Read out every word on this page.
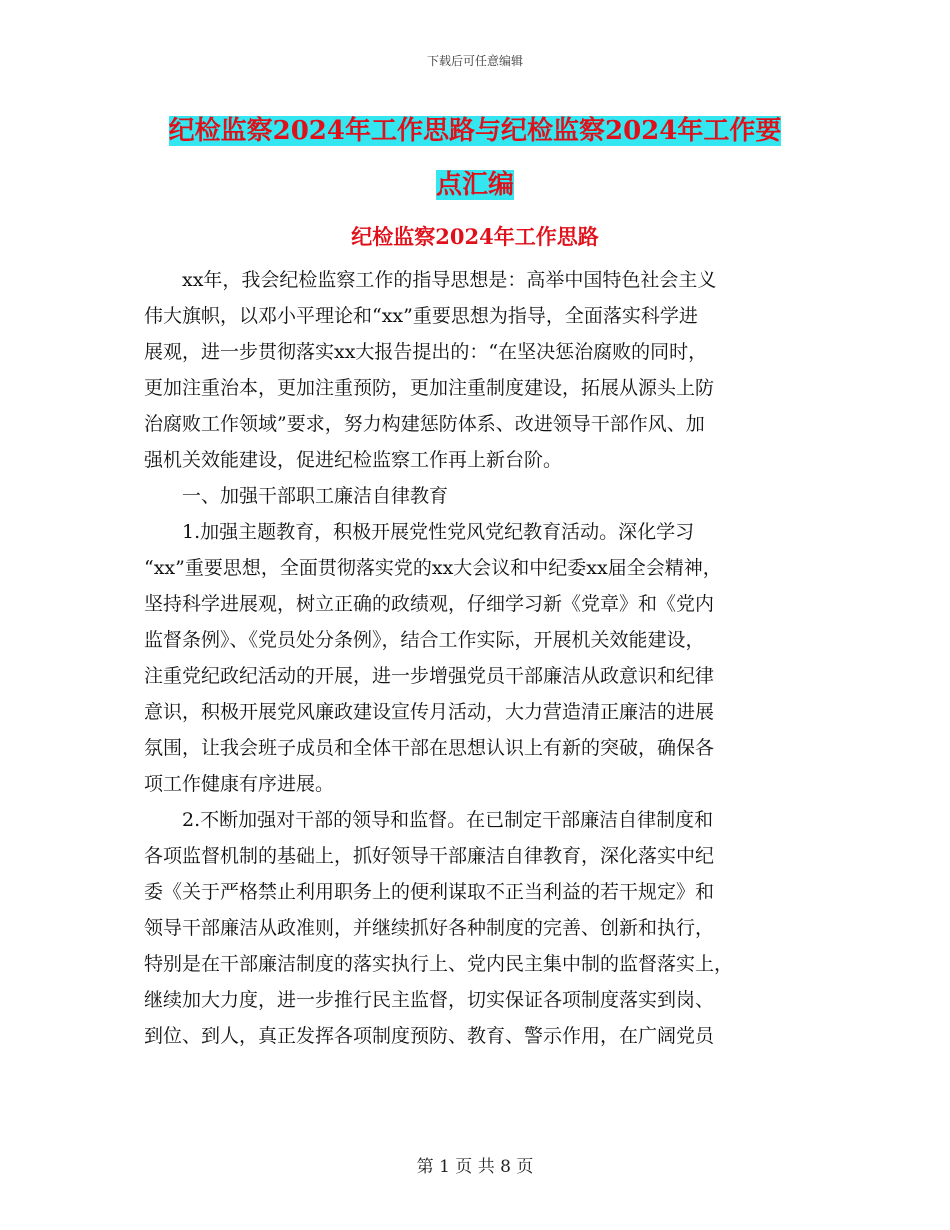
下载后可任意编辑
纪检监察2024年工作思路与纪检监察2024年工作要
点汇编
纪检监察2024年工作思路
xx年，我会纪检监察工作的指导思想是：高举中国特色社会主义
伟大旗帜，以邓小平理论和“xx”重要思想为指导，全面落实科学进
展观，进一步贯彻落实xx大报告提出的：“在坚决惩治腐败的同时，
更加注重治本，更加注重预防，更加注重制度建设，拓展从源头上防
治腐败工作领域”要求，努力构建惩防体系、改进领导干部作风、加
强机关效能建设，促进纪检监察工作再上新台阶。
一、加强干部职工廉洁自律教育
1.加强主题教育，积极开展党性党风党纪教育活动。深化学习
“xx”重要思想，全面贯彻落实党的xx大会议和中纪委xx届全会精神，
坚持科学进展观，树立正确的政绩观，仔细学习新《党章》和《党内
监督条例》、《党员处分条例》，结合工作实际，开展机关效能建设，
注重党纪政纪活动的开展，进一步增强党员干部廉洁从政意识和纪律
意识，积极开展党风廉政建设宣传月活动，大力营造清正廉洁的进展
氛围，让我会班子成员和全体干部在思想认识上有新的突破，确保各
项工作健康有序进展。
2.不断加强对干部的领导和监督。在已制定干部廉洁自律制度和
各项监督机制的基础上，抓好领导干部廉洁自律教育，深化落实中纪
委《关于严格禁止利用职务上的便利谋取不正当利益的若干规定》和
领导干部廉洁从政准则，并继续抓好各种制度的完善、创新和执行，
特别是在干部廉洁制度的落实执行上、党内民主集中制的监督落实上，
继续加大力度，进一步推行民主监督，切实保证各项制度落实到岗、
到位、到人，真正发挥各项制度预防、教育、警示作用，在广阔党员
第 1 页 共 8 页
